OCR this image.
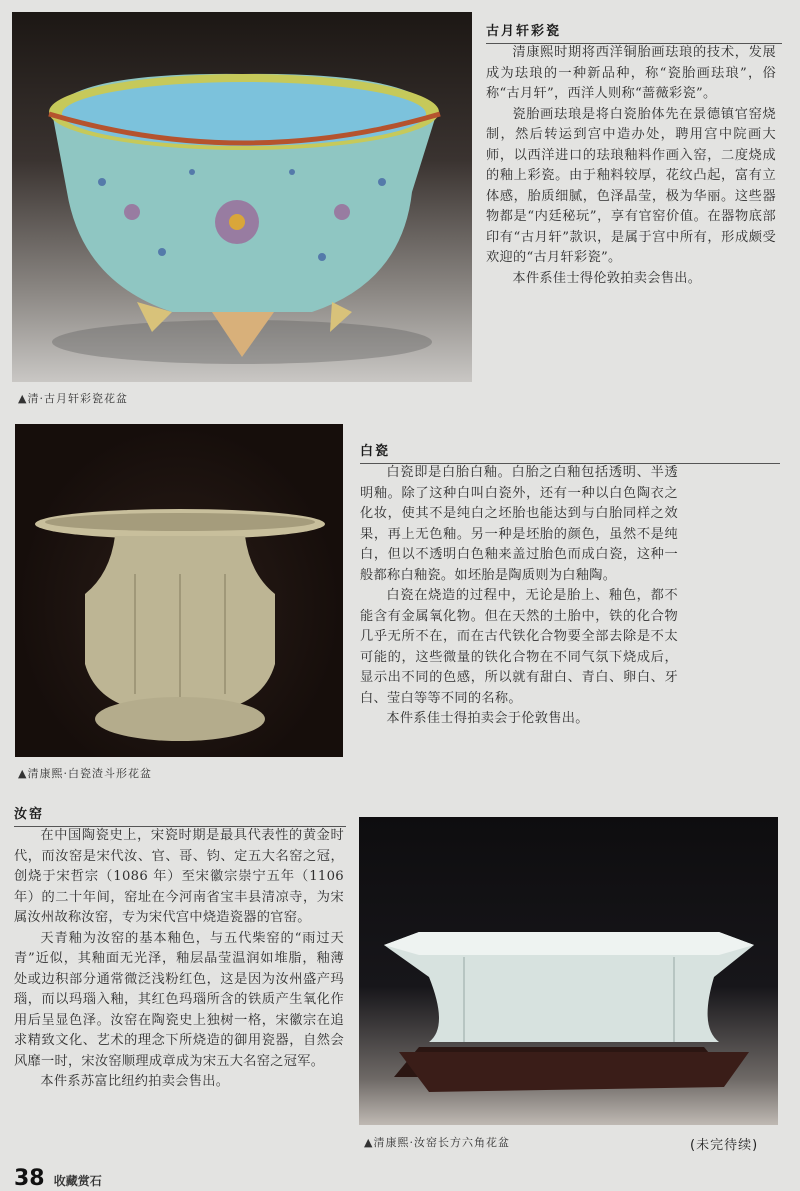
▲清·古月轩彩瓷花盆
古月轩彩瓷

清康熙时期将西洋铜胎画珐琅的技术，发展成为珐琅的一种新品种，称“瓷胎画珐琅”，俗称“古月轩”，西洋人则称“蔷薇彩瓷”。

瓷胎画珐琅是将白瓷胎体先在景德镇官窑烧制，然后转运到宫中造办处，聘用宫中院画大师，以西洋进口的珐琅釉料作画入窑，二度烧成的釉上彩瓷。由于釉料较厚，花纹凸起，富有立体感，胎质细腻，色泽晶莹，极为华丽。这些器物都是“内廷秘玩”，享有官窑价值。在器物底部印有“古月轩”款识，是属于宫中所有，形成颇受欢迎的“古月轩彩瓷”。

本件系佳士得伦敦拍卖会售出。

▲清康熙·白瓷渣斗形花盆
白瓷

白瓷即是白胎白釉。白胎之白釉包括透明、半透明釉。除了这种白叫白瓷外，还有一种以白色陶衣之化妆，使其不是纯白之坯胎也能达到与白胎同样之效果，再上无色釉。另一种是坯胎的颜色，虽然不是纯白，但以不透明白色釉来盖过胎色而成白瓷，这种一般都称白釉瓷。如坯胎是陶质则为白釉陶。

白瓷在烧造的过程中，无论是胎上、釉色，都不能含有金属氧化物。但在天然的土胎中，铁的化合物几乎无所不在，而在古代铁化合物要全部去除是不太可能的，这些微量的铁化合物在不同气氛下烧成后，显示出不同的色感，所以就有甜白、青白、卵白、牙白、莹白等等不同的名称。

本件系佳士得拍卖会于伦敦售出。

汝窑

在中国陶瓷史上，宋瓷时期是最具代表性的黄金时代，而汝窑是宋代汝、官、哥、钧、定五大名窑之冠，创烧于宋哲宗（1086 年）至宋徽宗崇宁五年（1106 年）的二十年间，窑址在今河南省宝丰县清凉寺，为宋属汝州故称汝窑，专为宋代宫中烧造瓷器的官窑。

天青釉为汝窑的基本釉色，与五代柴窑的“雨过天青”近似，其釉面无光泽，釉层晶莹温润如堆脂，釉薄处或边积部分通常微泛浅粉红色，这是因为汝州盛产玛瑙，而以玛瑙入釉，其红色玛瑙所含的铁质产生氧化作用后呈显色泽。汝窑在陶瓷史上独树一格，宋徽宗在追求精致文化、艺术的理念下所烧造的御用瓷器，自然会风靡一时，宋汝窑顺理成章成为宋五大名窑之冠军。

本件系苏富比纽约拍卖会售出。

▲清康熙·汝窑长方六角花盆	(未完待续)
38 收藏赏石
